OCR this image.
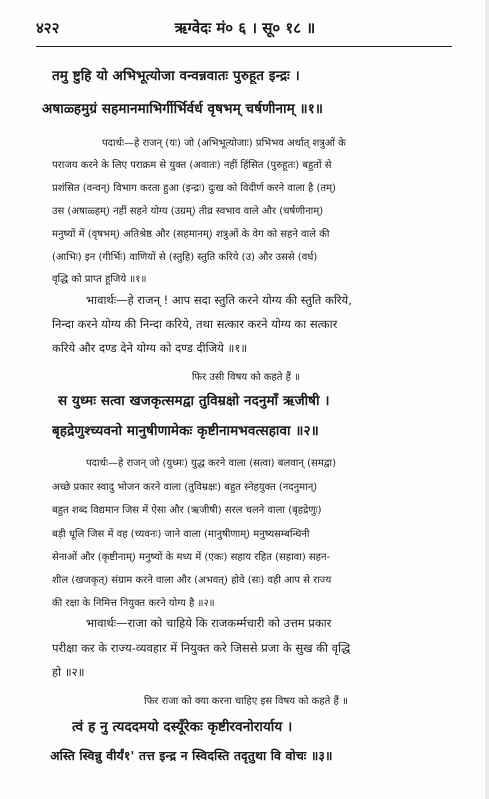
४२२	ऋग्वेदः मं० ६ । सू० १८ ॥
तमु ष्टुहि यो अभिभूत्योजा वन्वन्नवातः पुरुहूत इन्द्रः ।
अषाळ्हमुग्रं सहमानमाभिर्गीर्भिर्वर्ध वृषभम् चर्षणीनाम् ॥१॥
पदार्थः—हे राजन् (यः) जो (अभिभूत्योजाः) प्रभिभव अर्थात् शत्रुओं के
पराजय करने के लिए पराक्रम से युक्त (अवातः) नहीं हिंसित (पुरुहूतः) बहुतों से
प्रशंसित (वन्वन्) विभाग करता हुआ (इन्द्रः) दुःख को विदीर्ण करने वाला है (तम्)
उस (अषाळ्हम्) नहीं सहने योग्य (उग्रम्) तीव्र स्वभाव वाले और (चर्षणीनाम्)
मनुष्यों में (वृषभम्) अतिश्रेष्ठ और (सहमानम्) शत्रुओं के वेग को सहने वाले की
(आभिः) इन (गीर्भिः) वाणियों से (स्तुहि) स्तुति करिये (उ) और उससे (वर्ध)
वृद्धि को प्राप्त हूजिये ॥१॥
भावार्थः—हे राजन् ! आप सदा स्तुति करने योग्य की स्तुति करिये,
निन्दा करने योग्य की निन्दा करिये, तथा सत्कार करने योग्य का सत्कार
करिये और दण्ड देने योग्य को दण्ड दीजिये ॥१॥
फिर उसी विषय को कहते हैं ॥
स युध्मः सत्वा खजकृत्समद्वा तुविम्रक्षो नदनुमाँ ऋजीषी ।
बृहद्रेणुश्च्यवनो मानुषीणामेकः कृष्टीनामभवत्सहावा ॥२॥
पदार्थः—हे राजन् जो (युध्मः) युद्ध करने वाला (सत्वा) बलवान् (समद्वा)
अच्छे प्रकार स्वादु भोजन करने वाला (तुविम्रक्षः) बहुत स्नेहयुक्त (नदनुमान्)
बहुत शब्द विद्यमान जिस में ऐसा और (ऋजीषी) सरल चलने वाला (बृहद्रेणुः)
बड़ी धूलि जिस में वह (च्यवनः) जाने वाला (मानुषीणाम्) मनुष्यसम्बन्धिनी
सेनाओं और (कृष्टीनाम्) मनुष्यों के मध्य में (एकः) सहाय रहित (सहावा) सहन-
शील (खजकृत्) संग्राम करने वाला और (अभवत्) होवे (सः) वही आप से राज्य
की रक्षा के निमित्त नियुक्त करने योग्य है ॥२॥
भावार्थः—राजा को चाहिये कि राजकर्म्मचारी को उत्तम प्रकार
परीक्षा कर के राज्य-व्यवहार में नियुक्त करे जिससे प्रजा के सुख की वृद्धि
हो ॥२॥
फिर राजा को क्या करना चाहिए इस विषय को कहते हैं ॥
त्वं ह नु त्यददमयो दस्यूँरेकः कृष्टीरवनोरार्याय ।
अस्ति स्विन्नु वीर्यं१' तत्त इन्द्र न स्विदस्ति तदृतुथा वि वोचः ॥३॥
